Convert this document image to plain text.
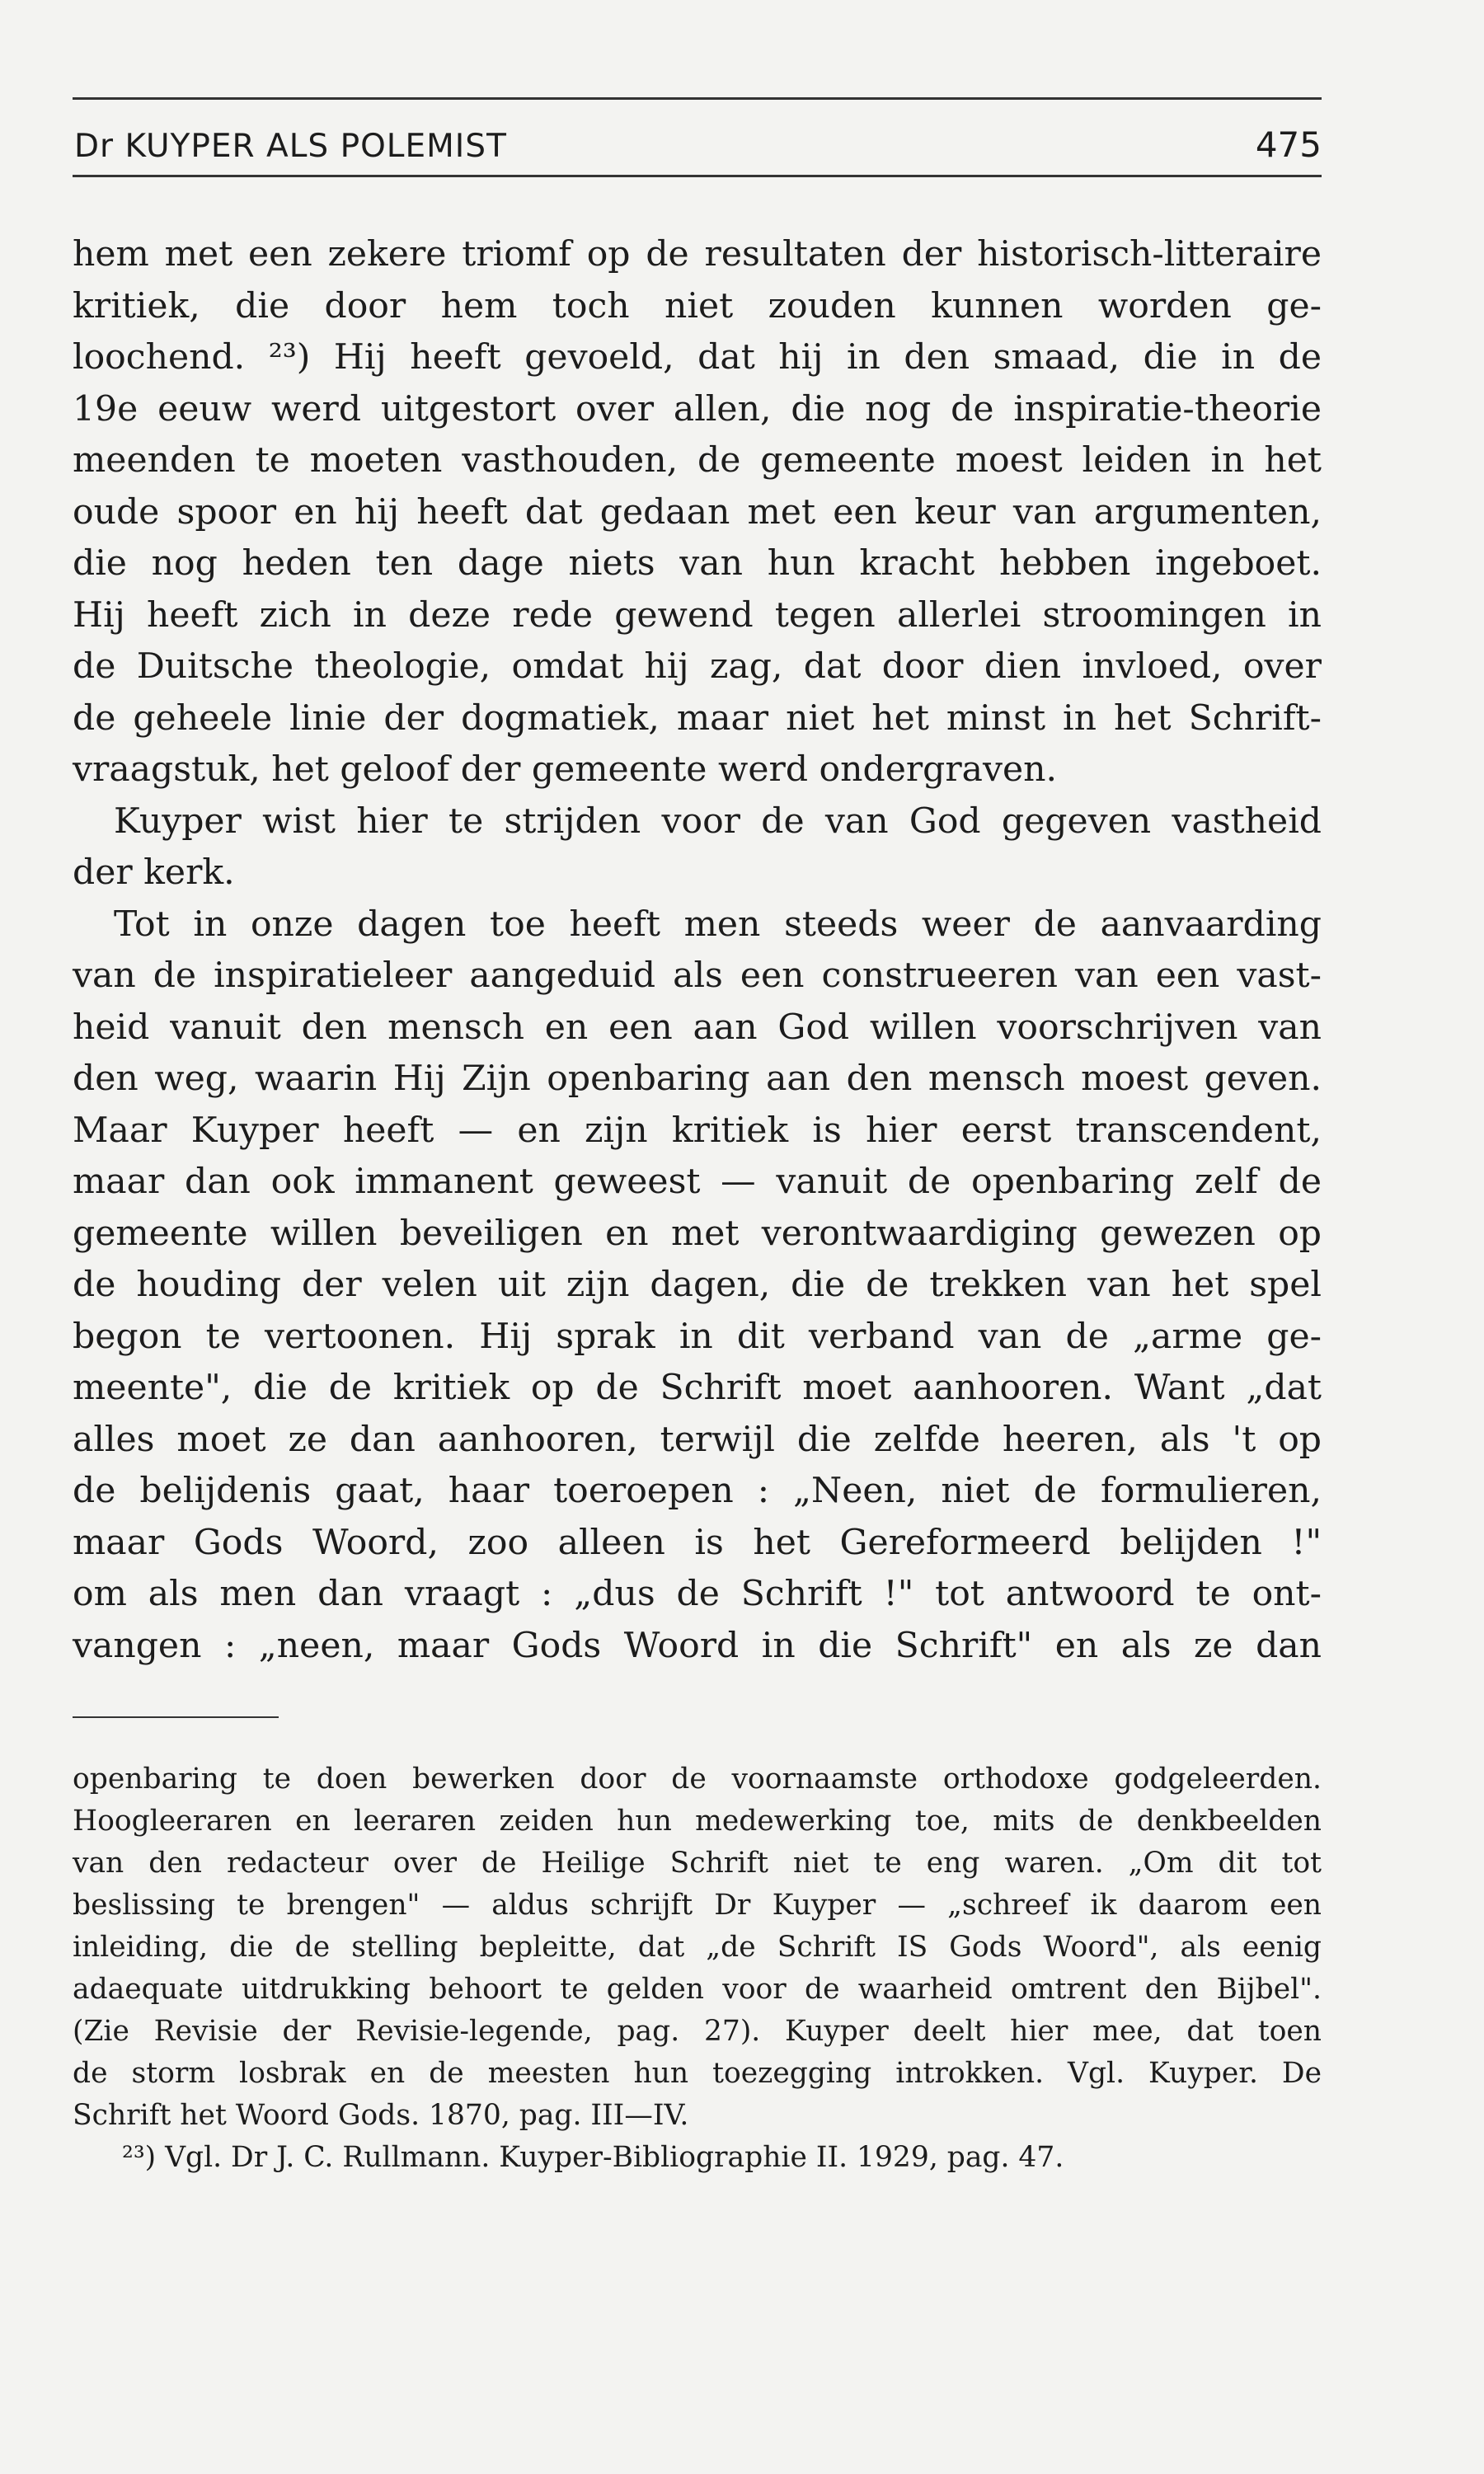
Dr KUYPER ALS POLEMIST	475
hem met een zekere triomf op de resultaten der historisch-litteraire
kritiek, die door hem toch niet zouden kunnen worden ge-
loochend. ²³) Hij heeft gevoeld, dat hij in den smaad, die in de
19e eeuw werd uitgestort over allen, die nog de inspiratie-theorie
meenden te moeten vasthouden, de gemeente moest leiden in het
oude spoor en hij heeft dat gedaan met een keur van argumenten,
die nog heden ten dage niets van hun kracht hebben ingeboet.
Hij heeft zich in deze rede gewend tegen allerlei stroomingen in
de Duitsche theologie, omdat hij zag, dat door dien invloed, over
de geheele linie der dogmatiek, maar niet het minst in het Schrift-
vraagstuk, het geloof der gemeente werd ondergraven.
Kuyper wist hier te strijden voor de van God gegeven vastheid
der kerk.
Tot in onze dagen toe heeft men steeds weer de aanvaarding
van de inspiratieleer aangeduid als een construeeren van een vast-
heid vanuit den mensch en een aan God willen voorschrijven van
den weg, waarin Hij Zijn openbaring aan den mensch moest geven.
Maar Kuyper heeft — en zijn kritiek is hier eerst transcendent,
maar dan ook immanent geweest — vanuit de openbaring zelf de
gemeente willen beveiligen en met verontwaardiging gewezen op
de houding der velen uit zijn dagen, die de trekken van het spel
begon te vertoonen. Hij sprak in dit verband van de „arme ge-
meente", die de kritiek op de Schrift moet aanhooren. Want „dat
alles moet ze dan aanhooren, terwijl die zelfde heeren, als 't op
de belijdenis gaat, haar toeroepen : „Neen, niet de formulieren,
maar Gods Woord, zoo alleen is het Gereformeerd belijden !"
om als men dan vraagt : „dus de Schrift !" tot antwoord te ont-
vangen : „neen, maar Gods Woord in die Schrift" en als ze dan
openbaring te doen bewerken door de voornaamste orthodoxe godgeleerden.
Hoogleeraren en leeraren zeiden hun medewerking toe, mits de denkbeelden
van den redacteur over de Heilige Schrift niet te eng waren. „Om dit tot
beslissing te brengen" — aldus schrijft Dr Kuyper — „schreef ik daarom een
inleiding, die de stelling bepleitte, dat „de Schrift IS Gods Woord", als eenig
adaequate uitdrukking behoort te gelden voor de waarheid omtrent den Bijbel".
(Zie Revisie der Revisie-legende, pag. 27). Kuyper deelt hier mee, dat toen
de storm losbrak en de meesten hun toezegging introkken. Vgl. Kuyper. De
Schrift het Woord Gods. 1870, pag. III—IV.
²³) Vgl. Dr J. C. Rullmann. Kuyper-Bibliographie II. 1929, pag. 47.
